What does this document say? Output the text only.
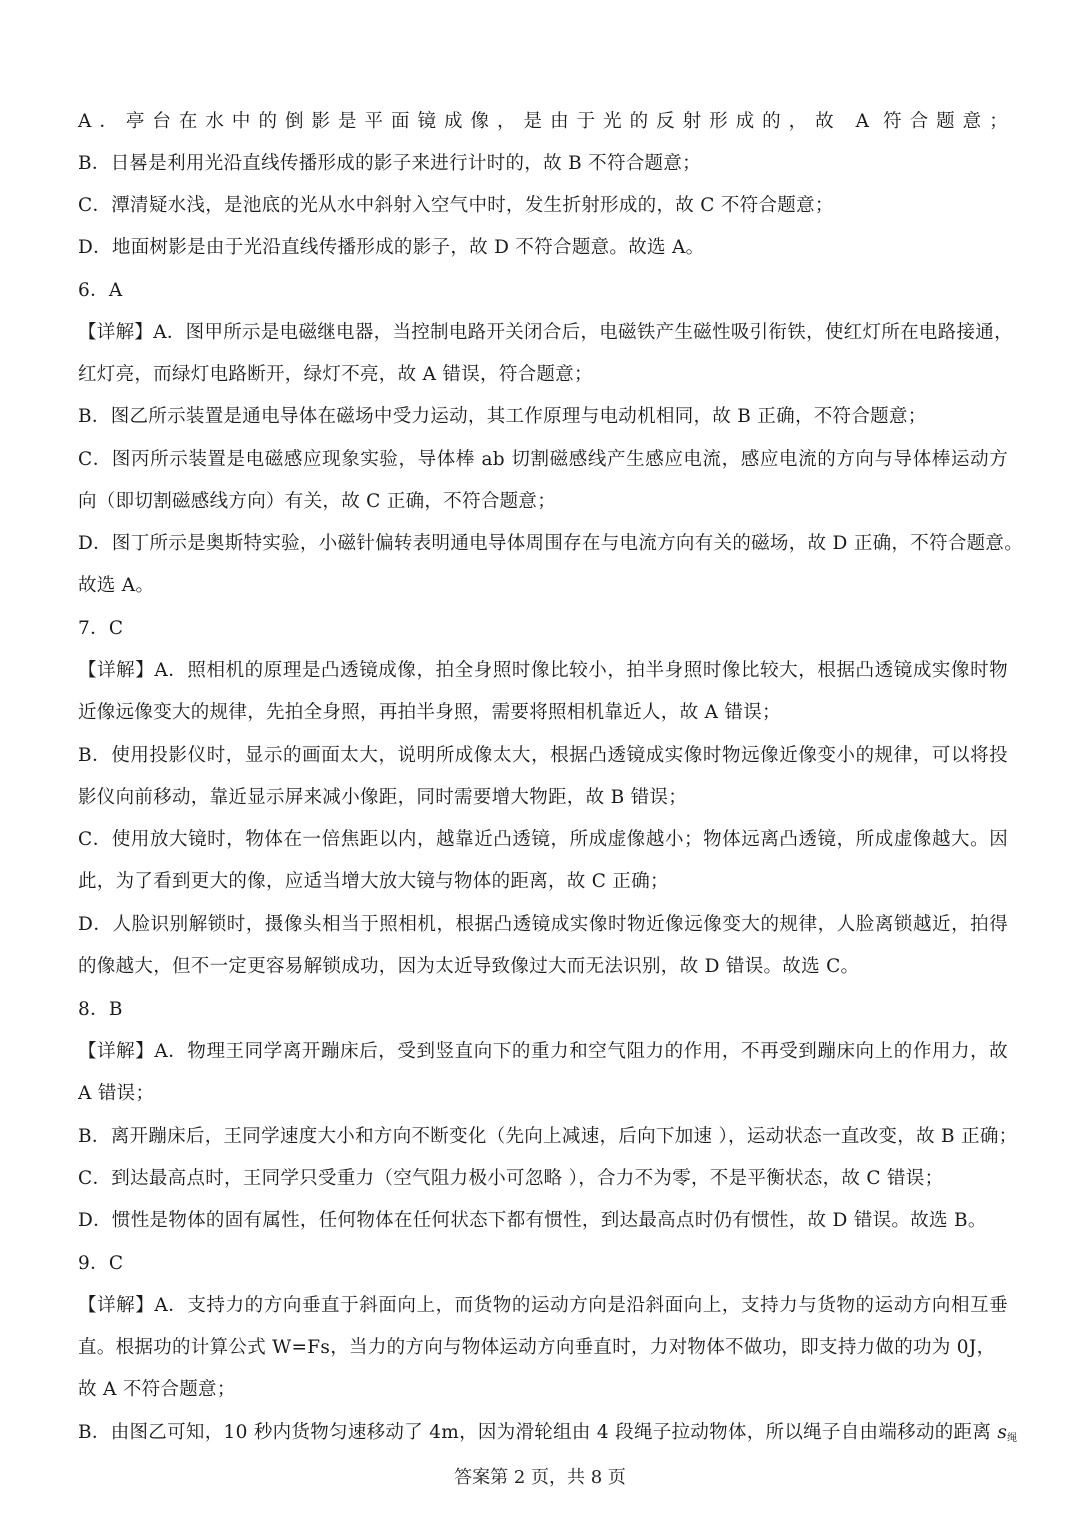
A．亭台在水中的倒影是平面镜成像，是由于光的反射形成的，故 A 符合题意；
B．日晷是利用光沿直线传播形成的影子来进行计时的，故 B 不符合题意；
C．潭清疑水浅，是池底的光从水中斜射入空气中时，发生折射形成的，故 C 不符合题意；
D．地面树影是由于光沿直线传播形成的影子，故 D 不符合题意。故选 A。
6．A
【详解】A．图甲所示是电磁继电器，当控制电路开关闭合后，电磁铁产生磁性吸引衔铁，使红灯所在电路接通，
红灯亮，而绿灯电路断开，绿灯不亮，故 A 错误，符合题意；
B．图乙所示装置是通电导体在磁场中受力运动，其工作原理与电动机相同，故 B 正确，不符合题意；
C．图丙所示装置是电磁感应现象实验，导体棒 ab 切割磁感线产生感应电流，感应电流的方向与导体棒运动方
向（即切割磁感线方向）有关，故 C 正确，不符合题意；
D．图丁所示是奥斯特实验，小磁针偏转表明通电导体周围存在与电流方向有关的磁场，故 D 正确，不符合题意。
故选 A。
7．C
【详解】A．照相机的原理是凸透镜成像，拍全身照时像比较小，拍半身照时像比较大，根据凸透镜成实像时物
近像远像变大的规律，先拍全身照，再拍半身照，需要将照相机靠近人，故 A 错误；
B．使用投影仪时，显示的画面太大，说明所成像太大，根据凸透镜成实像时物远像近像变小的规律，可以将投
影仪向前移动，靠近显示屏来减小像距，同时需要增大物距，故 B 错误；
C．使用放大镜时，物体在一倍焦距以内，越靠近凸透镜，所成虚像越小；物体远离凸透镜，所成虚像越大。因
此，为了看到更大的像，应适当增大放大镜与物体的距离，故 C 正确；
D．人脸识别解锁时，摄像头相当于照相机，根据凸透镜成实像时物近像远像变大的规律，人脸离锁越近，拍得
的像越大，但不一定更容易解锁成功，因为太近导致像过大而无法识别，故 D 错误。故选 C。
8．B
【详解】A．物理王同学离开蹦床后，受到竖直向下的重力和空气阻力的作用，不再受到蹦床向上的作用力，故
A 错误；
B．离开蹦床后，王同学速度大小和方向不断变化（先向上减速，后向下加速 ），运动状态一直改变，故 B 正确；
C．到达最高点时，王同学只受重力（空气阻力极小可忽略 ），合力不为零，不是平衡状态，故 C 错误；
D．惯性是物体的固有属性，任何物体在任何状态下都有惯性，到达最高点时仍有惯性，故 D 错误。故选 B。
9．C
【详解】A．支持力的方向垂直于斜面向上，而货物的运动方向是沿斜面向上，支持力与货物的运动方向相互垂
直。根据功的计算公式 W=Fs，当力的方向与物体运动方向垂直时，力对物体不做功，即支持力做的功为 0J，
故 A 不符合题意；
B．由图乙可知，10 秒内货物匀速移动了 4m，因为滑轮组由 4 段绳子拉动物体，所以绳子自由端移动的距离 $s_绳$
答案第 2 页，共 8 页
